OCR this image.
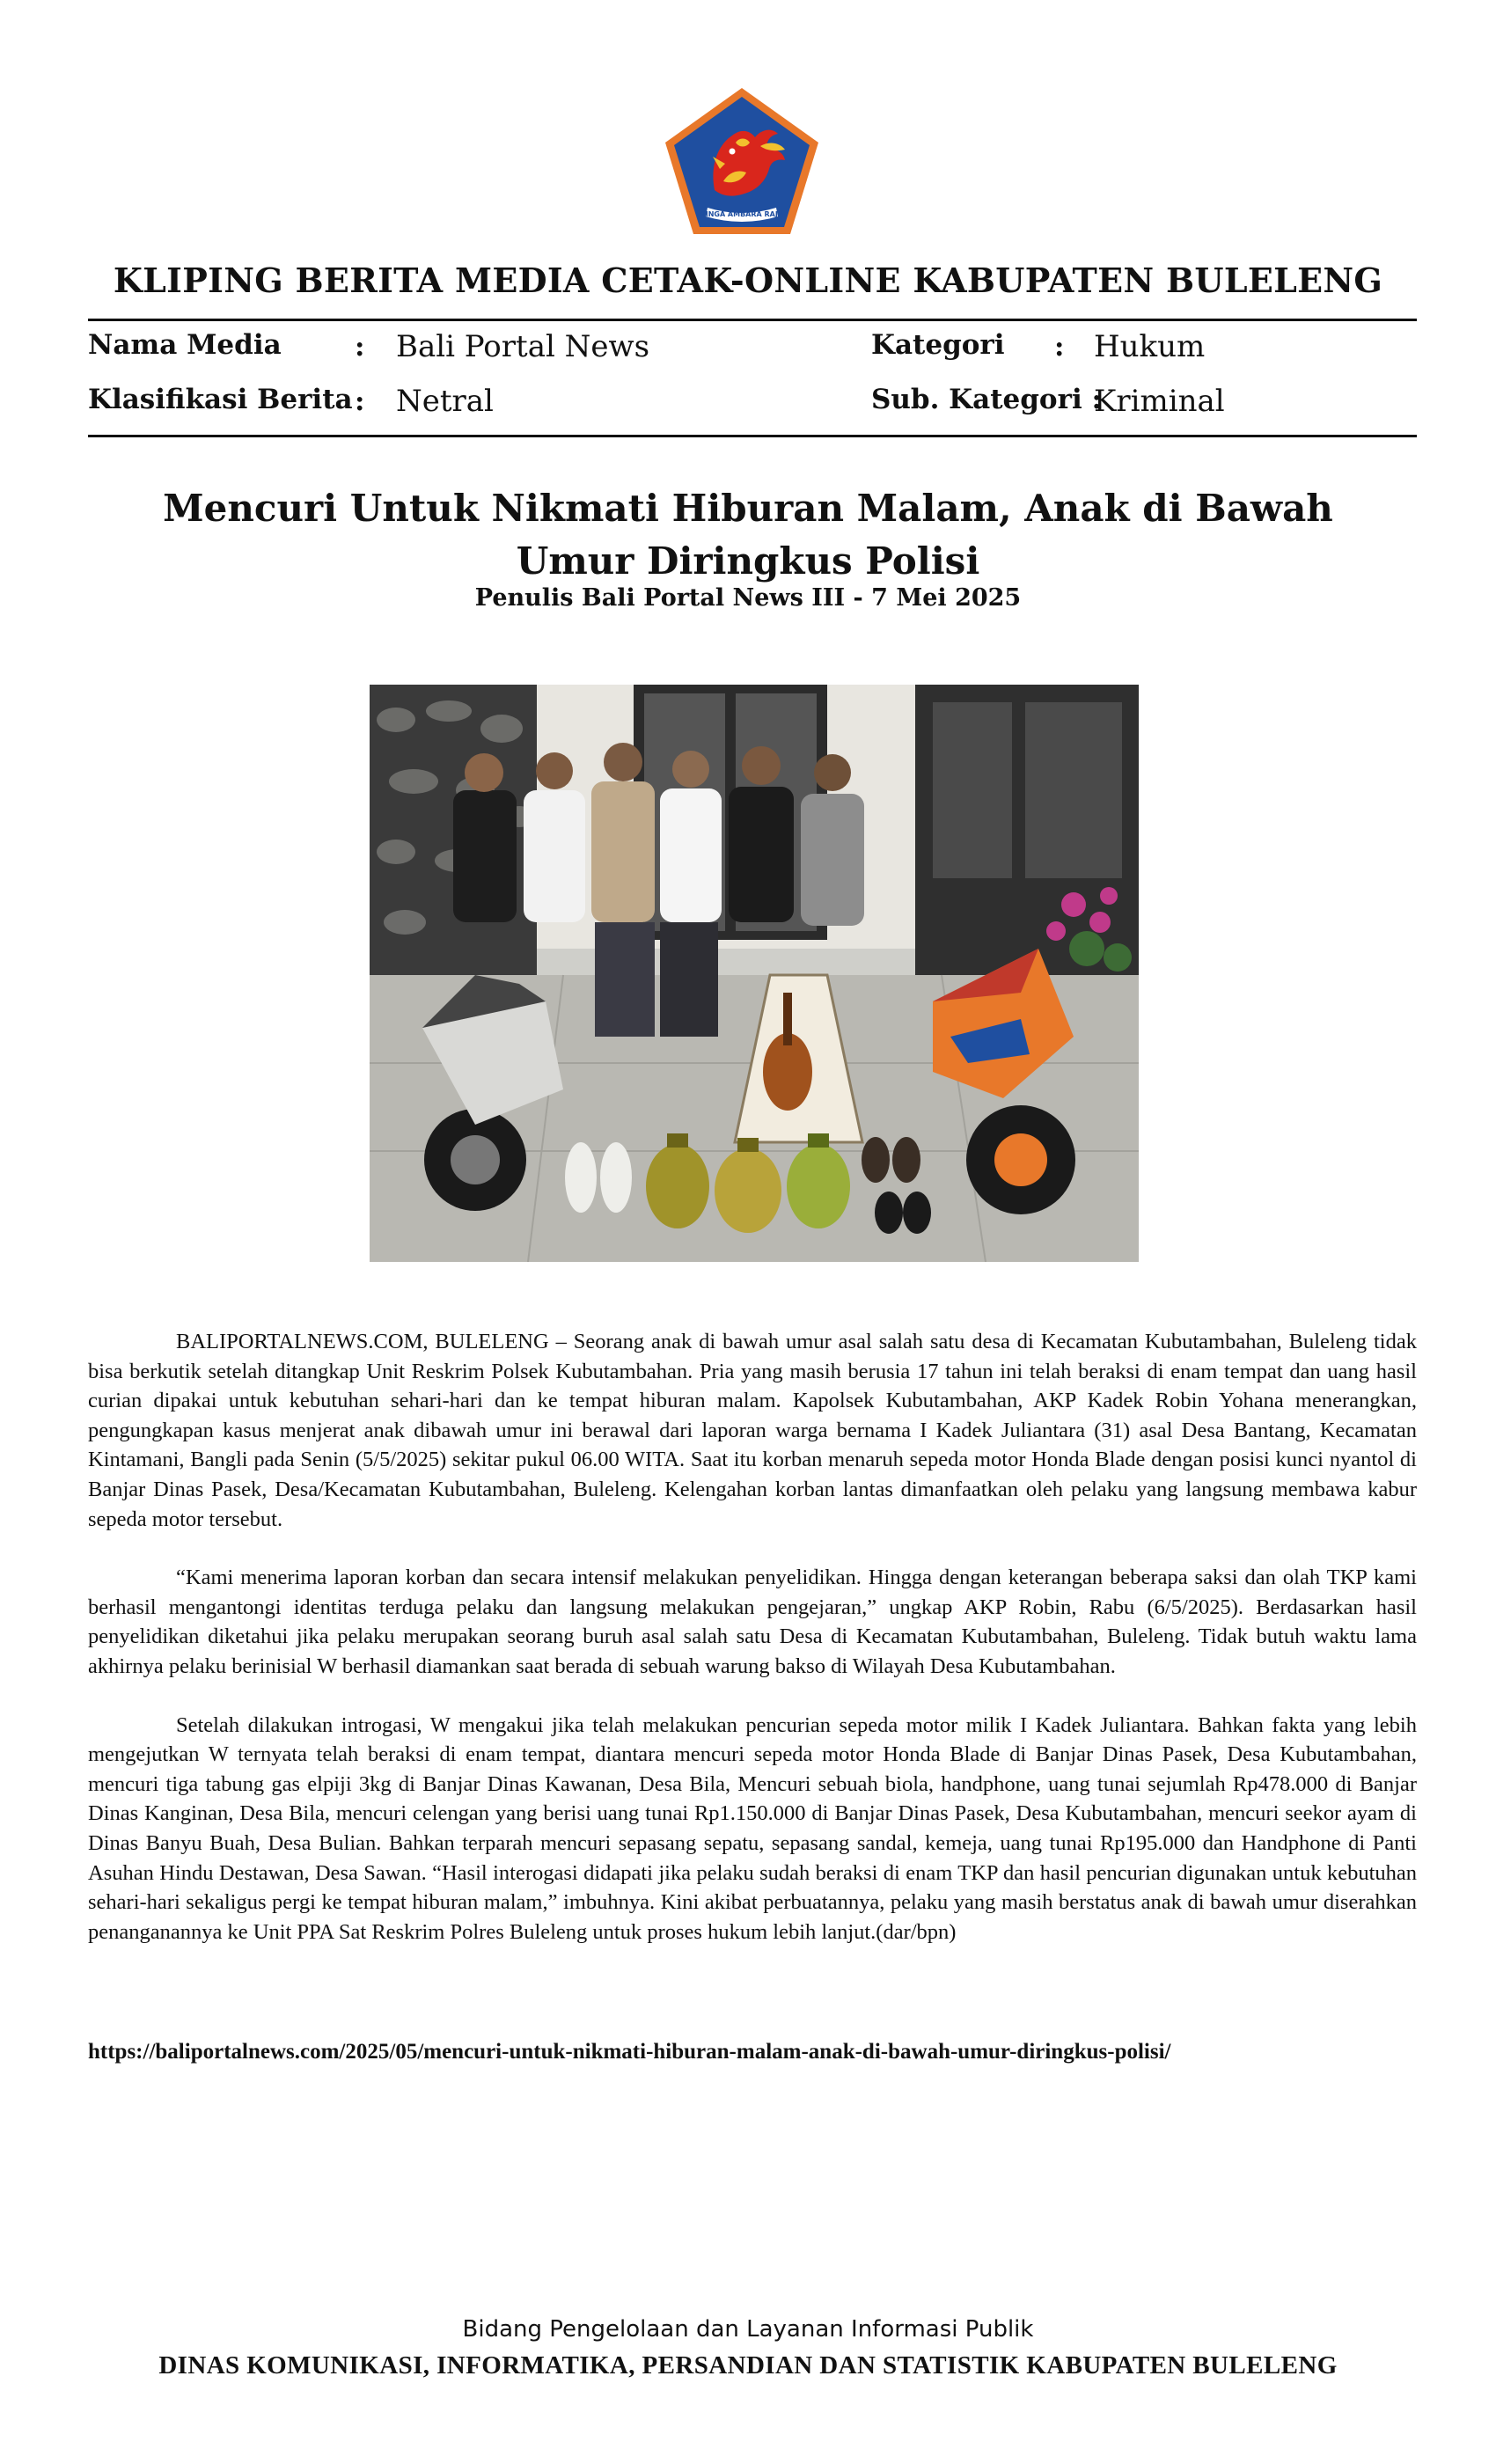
SINGA AMBARA RAJA
KLIPING BERITA MEDIA CETAK-ONLINE KABUPATEN BULELENG
Nama Media	: Bali Portal News
Klasifikasi Berita : Netral
Kategori : Hukum
Sub. Kategori :
Kriminal
Mencuri Untuk Nikmati Hiburan Malam, Anak di Bawah Umur Diringkus Polisi
Penulis Bali Portal News III - 7 Mei 2025

BALIPORTALNEWS.COM, BULELENG – Seorang anak di bawah umur asal salah satu desa di Kecamatan Kubutambahan, Buleleng tidak bisa berkutik setelah ditangkap Unit Reskrim Polsek Kubutambahan. Pria yang masih berusia 17 tahun ini telah beraksi di enam tempat dan uang hasil curian dipakai untuk kebutuhan sehari-hari dan ke tempat hiburan malam. Kapolsek Kubutambahan, AKP Kadek Robin Yohana menerangkan, pengungkapan kasus menjerat anak dibawah umur ini berawal dari laporan warga bernama I Kadek Juliantara (31) asal Desa Bantang, Kecamatan Kintamani, Bangli pada Senin (5/5/2025) sekitar pukul 06.00 WITA. Saat itu korban menaruh sepeda motor Honda Blade dengan posisi kunci nyantol di Banjar Dinas Pasek, Desa/Kecamatan Kubutambahan, Buleleng. Kelengahan korban lantas dimanfaatkan oleh pelaku yang langsung membawa kabur sepeda motor tersebut.

“Kami menerima laporan korban dan secara intensif melakukan penyelidikan. Hingga dengan keterangan beberapa saksi dan olah TKP kami berhasil mengantongi identitas terduga pelaku dan langsung melakukan pengejaran,” ungkap AKP Robin, Rabu (6/5/2025). Berdasarkan hasil penyelidikan diketahui jika pelaku merupakan seorang buruh asal salah satu Desa di Kecamatan Kubutambahan, Buleleng. Tidak butuh waktu lama akhirnya pelaku berinisial W berhasil diamankan saat berada di sebuah warung bakso di Wilayah Desa Kubutambahan.

Setelah dilakukan introgasi, W mengakui jika telah melakukan pencurian sepeda motor milik I Kadek Juliantara. Bahkan fakta yang lebih mengejutkan W ternyata telah beraksi di enam tempat, diantara mencuri sepeda motor Honda Blade di Banjar Dinas Pasek, Desa Kubutambahan, mencuri tiga tabung gas elpiji 3kg di Banjar Dinas Kawanan, Desa Bila, Mencuri sebuah biola, handphone, uang tunai sejumlah Rp478.000 di Banjar Dinas Kanginan, Desa Bila, mencuri celengan yang berisi uang tunai Rp1.150.000 di Banjar Dinas Pasek, Desa Kubutambahan, mencuri seekor ayam di Dinas Banyu Buah, Desa Bulian. Bahkan terparah mencuri sepasang sepatu, sepasang sandal, kemeja, uang tunai Rp195.000 dan Handphone di Panti Asuhan Hindu Destawan, Desa Sawan. “Hasil interogasi didapati jika pelaku sudah beraksi di enam TKP dan hasil pencurian digunakan untuk kebutuhan sehari-hari sekaligus pergi ke tempat hiburan malam,” imbuhnya. Kini akibat perbuatannya, pelaku yang masih berstatus anak di bawah umur diserahkan penanganannya ke Unit PPA Sat Reskrim Polres Buleleng untuk proses hukum lebih lanjut.(dar/bpn)

https://baliportalnews.com/2025/05/mencuri-untuk-nikmati-hiburan-malam-anak-di-bawah-umur-diringkus-polisi/
Bidang Pengelolaan dan Layanan Informasi Publik
DINAS KOMUNIKASI, INFORMATIKA, PERSANDIAN DAN STATISTIK KABUPATEN BULELENG
